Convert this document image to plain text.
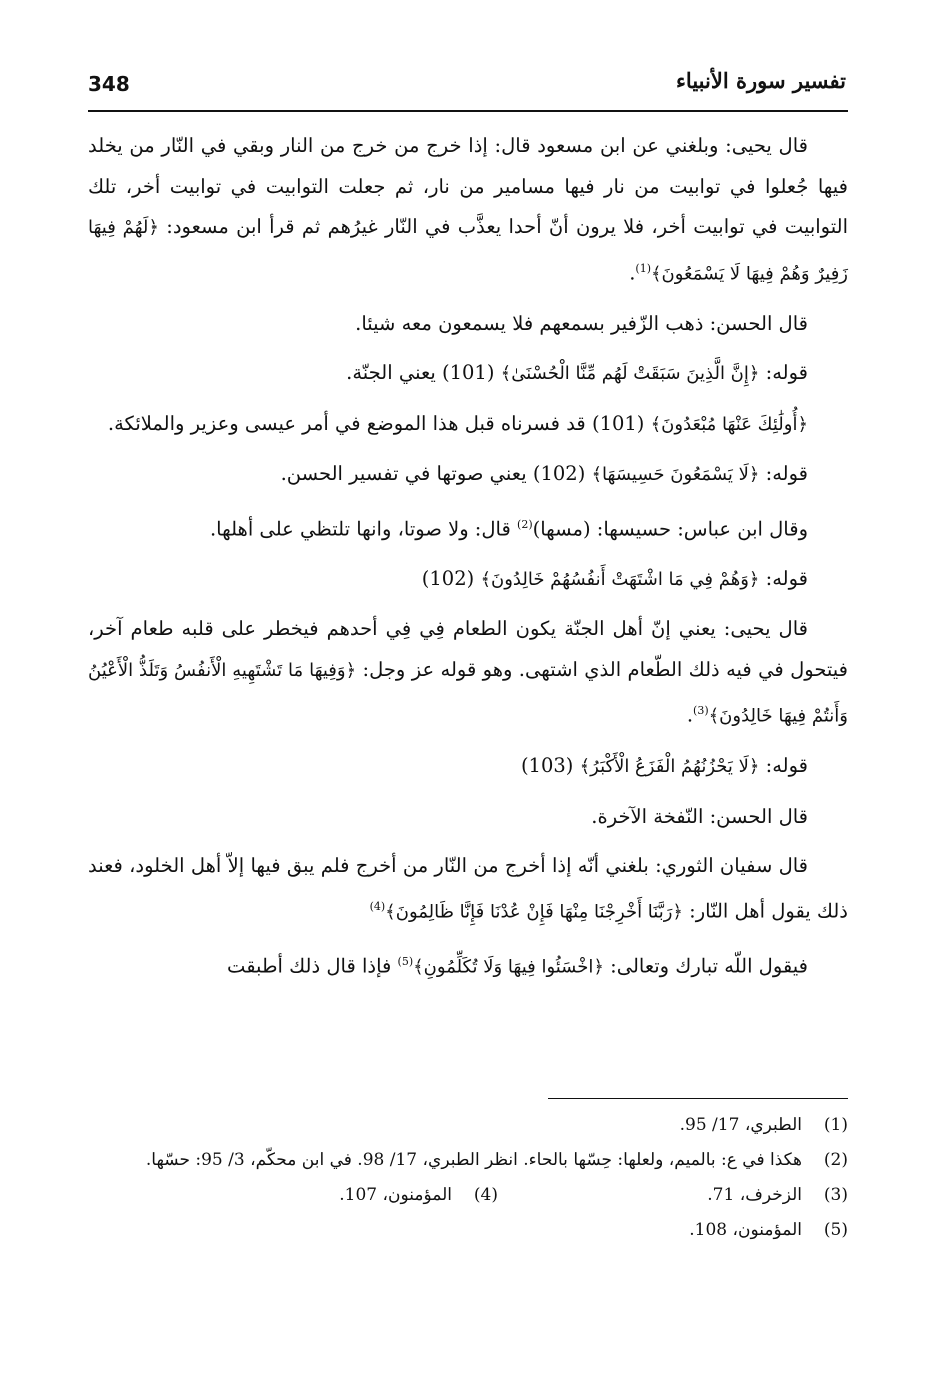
348	تفسير سورة الأنبياء

قال يحيى: وبلغني عن ابن مسعود قال: إذا خرج من خرج من النار وبقي في النّار من يخلد فيها جُعلوا في توابيت من نار فيها مسامير من نار، ثم جعلت التوابيت في توابيت أخر، تلك التوابيت في توابيت أخر، فلا يرون أنّ أحدا يعذَّب في النّار غيرُهم ثم قرأ ابن مسعود: ﴿لَهُمْ فِيهَا زَفِيرٌ وَهُمْ فِيهَا لَا يَسْمَعُونَ﴾$^{(1)}$.

قال الحسن: ذهب الزّفير بسمعهم فلا يسمعون معه شيئا.

قوله: ﴿إِنَّ الَّذِينَ سَبَقَتْ لَهُم مِّنَّا الْحُسْنَىٰ﴾ (101) يعني الجنّة.

﴿أُولَٰئِكَ عَنْهَا مُبْعَدُونَ﴾ (101) قد فسرناه قبل هذا الموضع في أمر عيسى وعزير والملائكة.

قوله: ﴿لَا يَسْمَعُونَ حَسِيسَهَا﴾ (102) يعني صوتها في تفسير الحسن.

وقال ابن عباس: حسيسها: (مسها)$^{(2)}$ قال: ولا صوتا، وانها تلتظي على أهلها.

قوله: ﴿وَهُمْ فِي مَا اشْتَهَتْ أَنفُسُهُمْ خَالِدُونَ﴾ (102)

قال يحيى: يعني إنّ أهل الجنّة يكون الطعام فِي فِي أحدهم فيخطر على قلبه طعام آخر، فيتحول في فيه ذلك الطّعام الذي اشتهى. وهو قوله عز وجل: ﴿وَفِيهَا مَا تَشْتَهِيهِ الْأَنفُسُ وَتَلَذُّ الْأَعْيُنُ وَأَنتُمْ فِيهَا خَالِدُونَ﴾$^{(3)}$.

قوله: ﴿لَا يَحْزُنُهُمُ الْفَزَعُ الْأَكْبَرُ﴾ (103)

قال الحسن: النّفخة الآخرة.

قال سفيان الثوري: بلغني أنّه إذا أخرج من النّار من أخرج فلم يبق فيها إلاّ أهل الخلود، فعند ذلك يقول أهل النّار: ﴿رَبَّنَا أَخْرِجْنَا مِنْهَا فَإِنْ عُدْنَا فَإِنَّا ظَالِمُونَ﴾$^{(4)}$

فيقول اللّه تبارك وتعالى: ﴿اخْسَئُوا فِيهَا وَلَا تُكَلِّمُونِ﴾$^{(5)}$ فإذا قال ذلك أطبقت

(1)
الطبري، 17/ 95.
(2)
هكذا في ع: بالميم، ولعلها: حِسّها بالحاء. انظر الطبري، 17/ 98. في ابن محكّم، 3/ 95: حسّها.
(3)
الزخرف، 71.
(4)
المؤمنون، 107.
(5)
المؤمنون، 108.
